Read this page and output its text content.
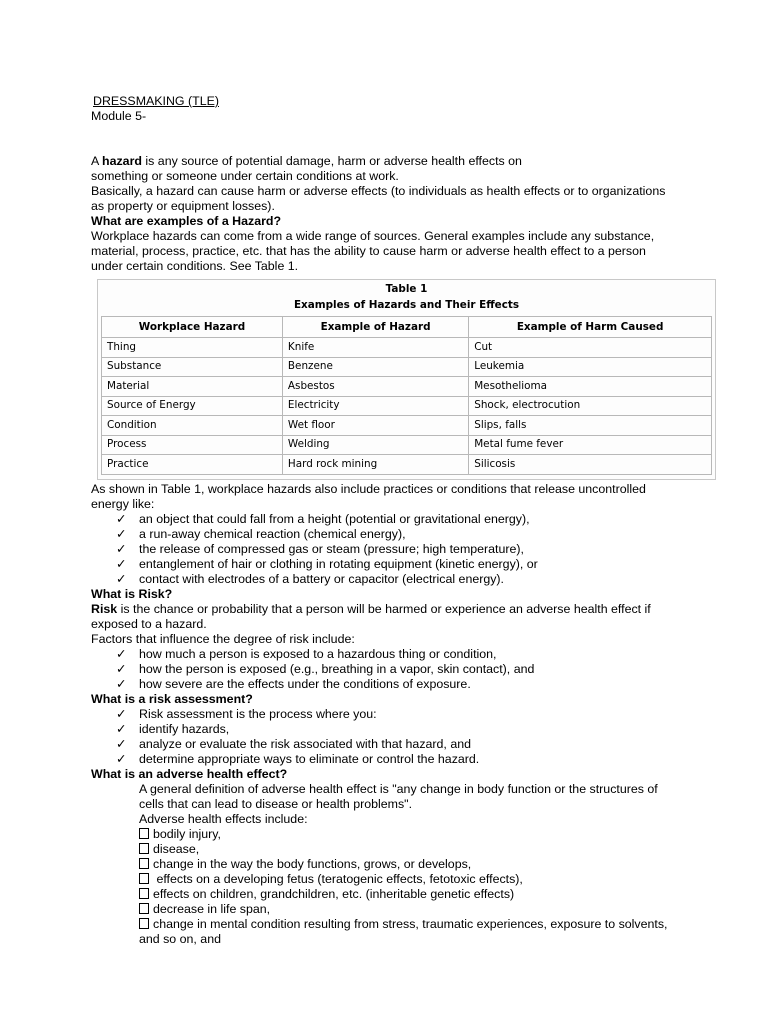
DRESSMAKING (TLE)
Module 5-
A hazard is any source of potential damage, harm or adverse health effects on
something or someone under certain conditions at work.
Basically, a hazard can cause harm or adverse effects (to individuals as health effects or to organizations
as property or equipment losses).
What are examples of a Hazard?
Workplace hazards can come from a wide range of sources. General examples include any substance,
material, process, practice, etc. that has the ability to cause harm or adverse health effect to a person
under certain conditions. See Table 1.
Table 1
Examples of Hazards and Their Effects
Workplace Hazard	Example of Hazard	Example of Harm Caused
Thing	Knife	Cut
Substance	Benzene	Leukemia
Material	Asbestos	Mesothelioma
Source of Energy	Electricity	Shock, electrocution
Condition	Wet floor	Slips, falls
Process	Welding	Metal fume fever
Practice	Hard rock mining	Silicosis
As shown in Table 1, workplace hazards also include practices or conditions that release uncontrolled
energy like:
✓ an object that could fall from a height (potential or gravitational energy),
✓ a run-away chemical reaction (chemical energy),
✓ the release of compressed gas or steam (pressure; high temperature),
✓ entanglement of hair or clothing in rotating equipment (kinetic energy), or
✓ contact with electrodes of a battery or capacitor (electrical energy).
What is Risk?
Risk is the chance or probability that a person will be harmed or experience an adverse health effect if
exposed to a hazard.
Factors that influence the degree of risk include:
✓ how much a person is exposed to a hazardous thing or condition,
✓ how the person is exposed (e.g., breathing in a vapor, skin contact), and
✓ how severe are the effects under the conditions of exposure.
What is a risk assessment?
✓ Risk assessment is the process where you:
✓ identify hazards,
✓ analyze or evaluate the risk associated with that hazard, and
✓ determine appropriate ways to eliminate or control the hazard.
What is an adverse health effect?
A general definition of adverse health effect is "any change in body function or the structures of
cells that can lead to disease or health problems".
Adverse health effects include:
bodily injury,
disease,
change in the way the body functions, grows, or develops,
effects on a developing fetus (teratogenic effects, fetotoxic effects),
effects on children, grandchildren, etc. (inheritable genetic effects)
decrease in life span,
change in mental condition resulting from stress, traumatic experiences, exposure to solvents,
and so on, and
